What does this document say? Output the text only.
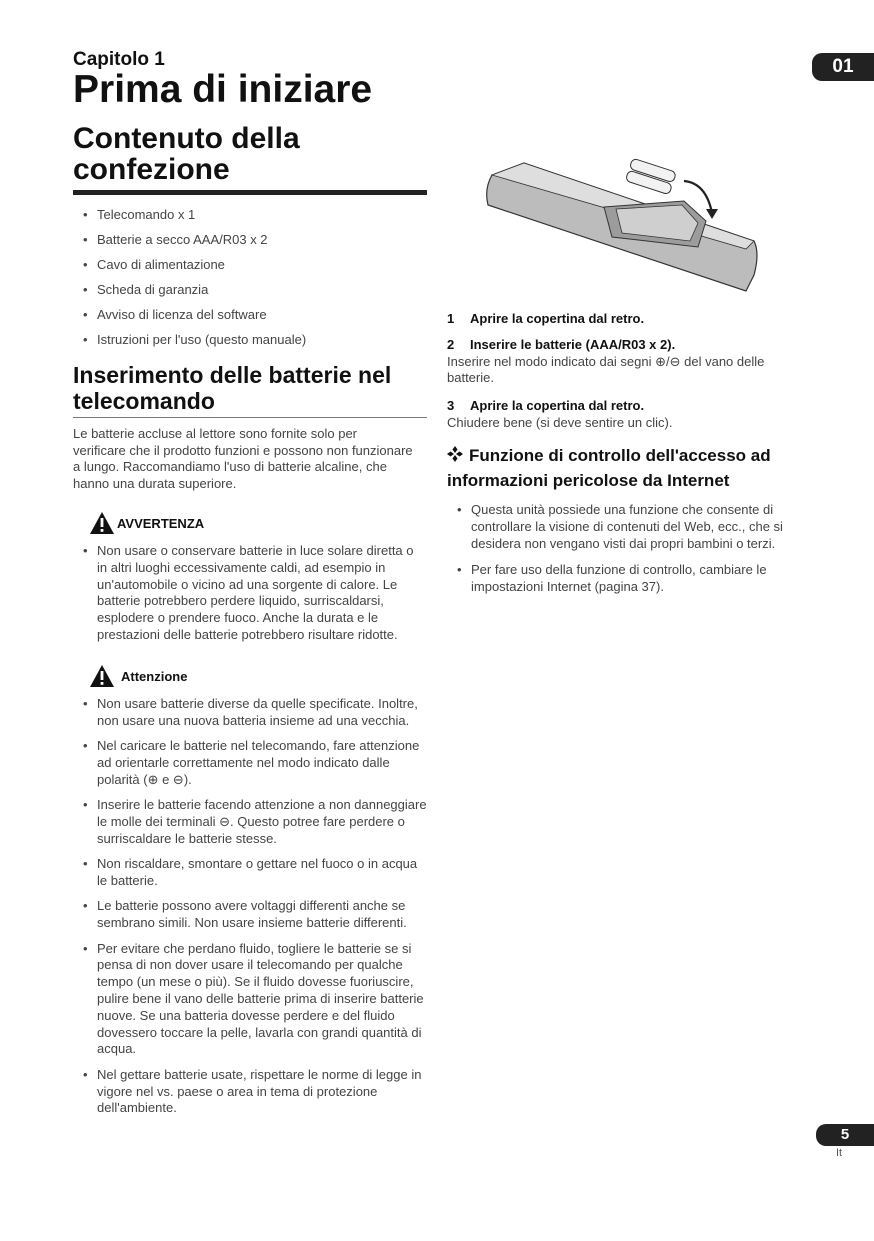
Capitolo 1
Prima di iniziare
01
Contenuto della confezione
• Telecomando x 1
• Batterie a secco AAA/R03 x 2
• Cavo di alimentazione
• Scheda di garanzia
• Avviso di licenza del software
• Istruzioni per l'uso (questo manuale)
Inserimento delle batterie nel telecomando

Le batterie accluse al lettore sono fornite solo per verificare che il prodotto funzioni e possono non funzionare a lungo. Raccomandiamo l'uso di batterie alcaline, che hanno una durata superiore.

AVVERTENZA
• Non usare o conservare batterie in luce solare diretta o in altri luoghi eccessivamente caldi, ad esempio in un'automobile o vicino ad una sorgente di calore. Le batterie potrebbero perdere liquido, surriscaldarsi, esplodere o prendere fuoco. Anche la durata e le prestazioni delle batterie potrebbero risultare ridotte.
Attenzione
• Non usare batterie diverse da quelle specificate. Inoltre, non usare una nuova batteria insieme ad una vecchia.
• Nel caricare le batterie nel telecomando, fare attenzione ad orientarle correttamente nel modo indicato dalle polarità (⊕ e ⊖).
• Inserire le batterie facendo attenzione a non danneggiare le molle dei terminali ⊖. Questo potree fare perdere o surriscaldare le batterie stesse.
• Non riscaldare, smontare o gettare nel fuoco o in acqua le batterie.
• Le batterie possono avere voltaggi differenti anche se sembrano simili. Non usare insieme batterie differenti.
• Per evitare che perdano fluido, togliere le batterie se si pensa di non dover usare il telecomando per qualche tempo (un mese o più). Se il fluido dovesse fuoriuscire, pulire bene il vano delle batterie prima di inserire batterie nuove. Se una batteria dovesse perdere e del fluido dovessero toccare la pelle, lavarla con grandi quantità di acqua.
• Nel gettare batterie usate, rispettare le norme di legge in vigore nel vs. paese o area in tema di protezione dell'ambiente.
1 Aprire la copertina dal retro.
2 Inserire le batterie (AAA/R03 x 2).
Inserire nel modo indicato dai segni ⊕/⊖ del vano delle batterie.
3 Aprire la copertina dal retro.
Chiudere bene (si deve sentire un clic).
Funzione di controllo dell'accesso ad informazioni pericolose da Internet
• Questa unità possiede una funzione che consente di controllare la visione di contenuti del Web, ecc., che si desidera non vengano visti dai propri bambini o terzi.
• Per fare uso della funzione di controllo, cambiare le impostazioni Internet (pagina 37).
5
It
